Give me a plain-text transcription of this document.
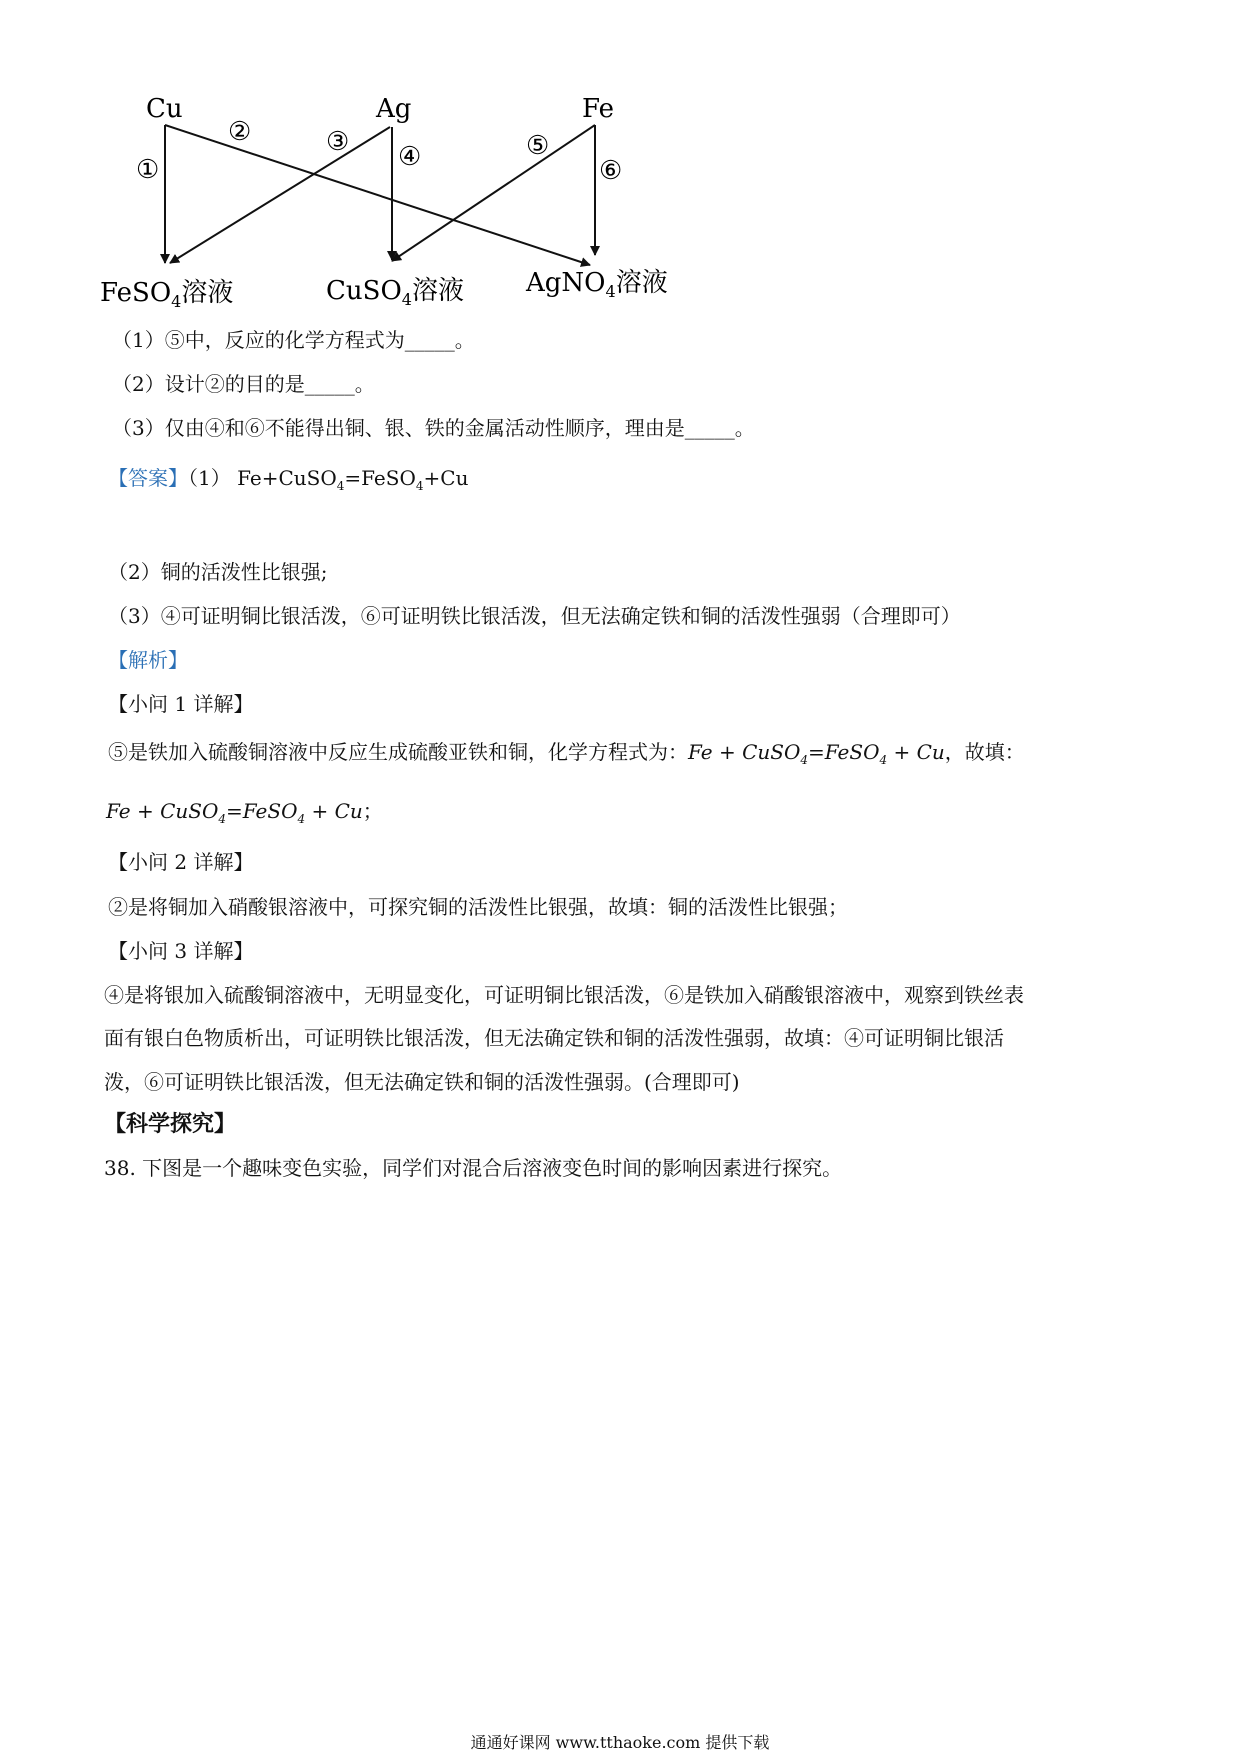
Cu	Ag	Fe
①
②	③ ④	⑤
⑥
FeSO$_4$溶液	CuSO$_4$溶液 AgNO$_4$溶液
（1）⑤中，反应的化学方程式为_____。
（2）设计②的目的是_____。
（3）仅由④和⑥不能得出铜、银、铁的金属活动性顺序，理由是_____。
【答案】（1） Fe+CuSO$_4$=FeSO$_4$+Cu
（2）铜的活泼性比银强;
（3）④可证明铜比银活泼，⑥可证明铁比银活泼，但无法确定铁和铜的活泼性强弱（合理即可）
【解析】
【小问 1 详解】
⑤是铁加入硫酸铜溶液中反应生成硫酸亚铁和铜，化学方程式为：Fe + CuSO$_4$=FeSO$_4$ + Cu，故填：
Fe + CuSO$_4$=FeSO$_4$ + Cu；
【小问 2 详解】
②是将铜加入硝酸银溶液中，可探究铜的活泼性比银强，故填：铜的活泼性比银强；
【小问 3 详解】
④是将银加入硫酸铜溶液中，无明显变化，可证明铜比银活泼，⑥是铁加入硝酸银溶液中，观察到铁丝表
面有银白色物质析出，可证明铁比银活泼，但无法确定铁和铜的活泼性强弱，故填：④可证明铜比银活
泼，⑥可证明铁比银活泼，但无法确定铁和铜的活泼性强弱。(合理即可)
【科学探究】
38. 下图是一个趣味变色实验，同学们对混合后溶液变色时间的影响因素进行探究。
通通好课网 www.tthaoke.com 提供下载
